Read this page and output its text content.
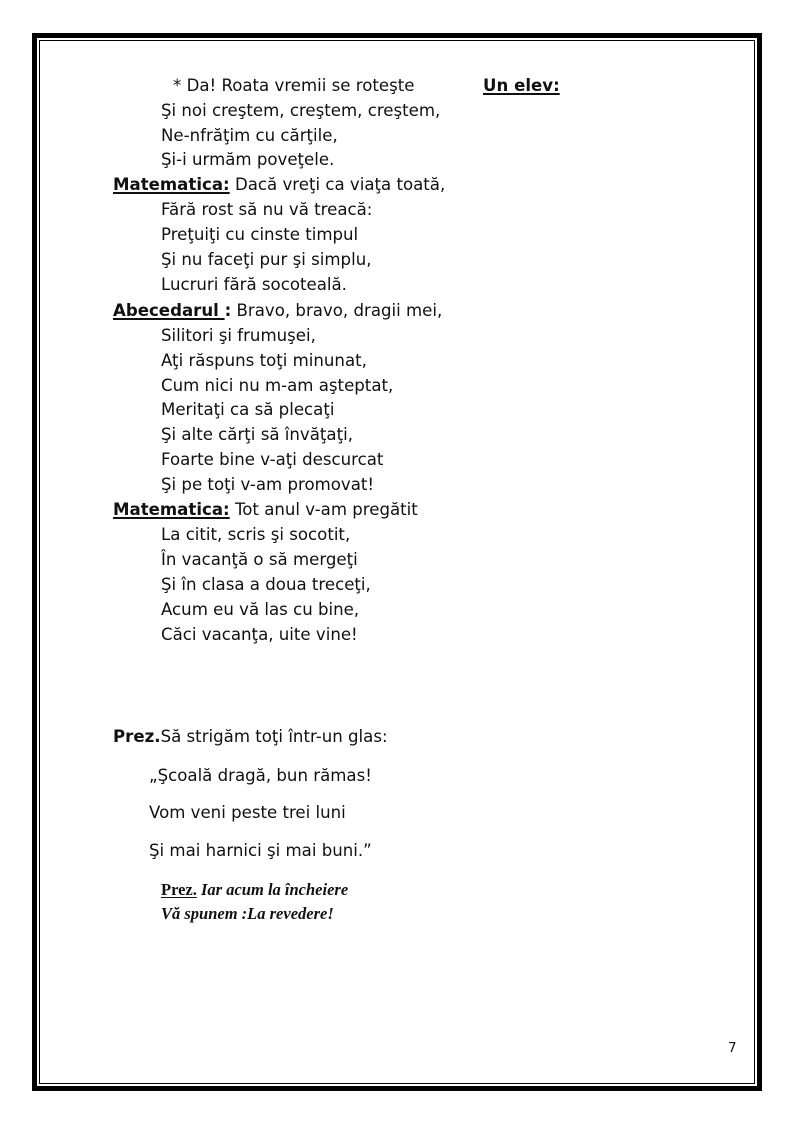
* Da! Roata vremii se roteşte	Un elev:
Şi noi creştem, creştem, creştem,
Ne-nfrăţim cu cărţile,
Şi-i urmăm poveţele.
Matematica: Dacă vreţi ca viaţa toată,
Fără rost să nu vă treacă:
Preţuiţi cu cinste timpul
Şi nu faceţi pur şi simplu,
Lucruri fără socoteală.
Abecedarul : Bravo, bravo, dragii mei,
Silitori şi frumuşei,
Aţi răspuns toţi minunat,
Cum nici nu m-am aşteptat,
Meritaţi ca să plecaţi
Şi alte cărţi să învăţaţi,
Foarte bine v-aţi descurcat
Şi pe toţi v-am promovat!
Matematica: Tot anul v-am pregătit
La citit, scris şi socotit,
În vacanţă o să mergeţi
Şi în clasa a doua treceţi,
Acum eu vă las cu bine,
Căci vacanţa, uite vine!
Prez.Să strigăm toţi într-un glas:
„Şcoală dragă, bun rămas!
Vom veni peste trei luni
Şi mai harnici şi mai buni.”
Prez. Iar acum la încheiere
Vă spunem :La revedere!
7
